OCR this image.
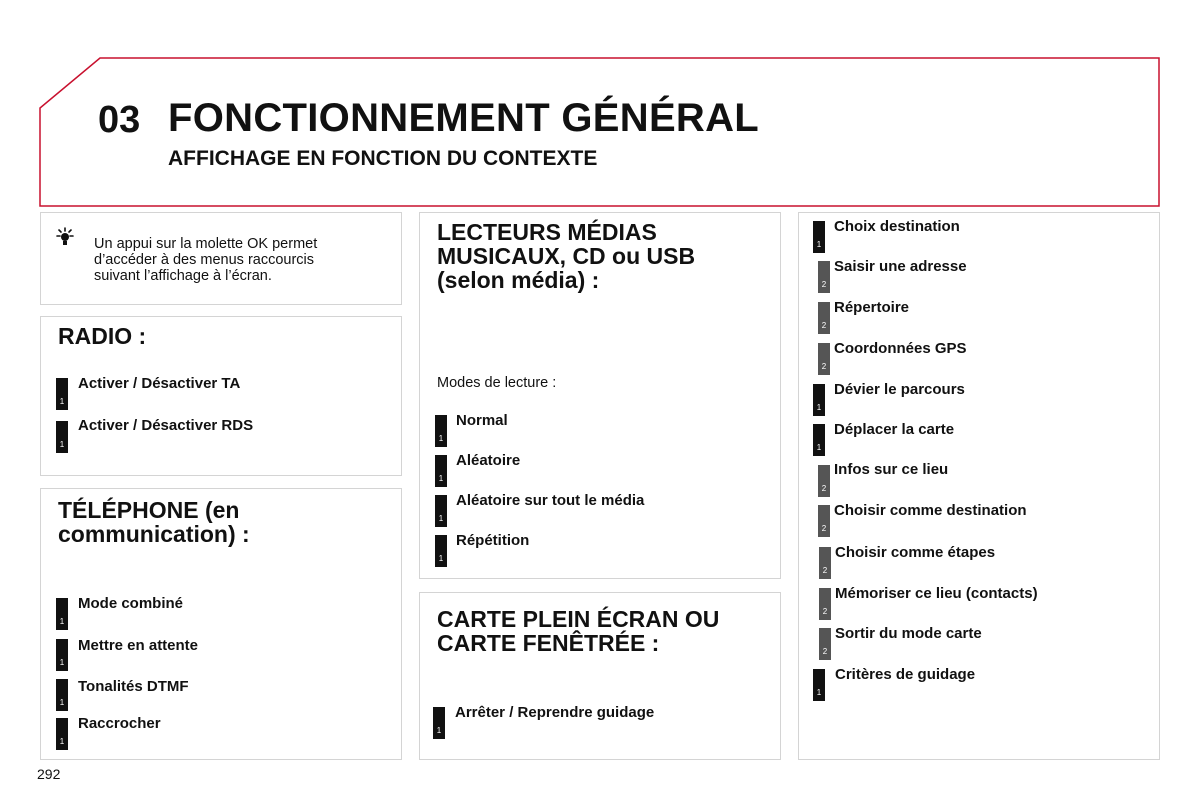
03 FONCTIONNEMENT GÉNÉRAL
AFFICHAGE EN FONCTION DU CONTEXTE
Un appui sur la molette OK permet
d’accéder à des menus raccourcis
suivant l’affichage à l’écran.
RADIO :
1
Activer / Désactiver TA
1
Activer / Désactiver RDS
TÉLÉPHONE (en
communication) :
1
Mode combiné
1
Mettre en attente
1
Tonalités DTMF
1
Raccrocher
LECTEURS MÉDIAS
MUSICAUX, CD ou USB
(selon média) :
Modes de lecture :
1
Normal
1
Aléatoire
1
Aléatoire sur tout le média
1
Répétition
CARTE PLEIN ÉCRAN OU
CARTE FENÊTRÉE :
1
Arrêter / Reprendre guidage
1
Choix destination
2
Saisir une adresse
2
Répertoire
2
Coordonnées GPS
1
Dévier le parcours
1
Déplacer la carte
2
Infos sur ce lieu
2
Choisir comme destination
2
Choisir comme étapes
2
Mémoriser ce lieu (contacts)
2
Sortir du mode carte
1
Critères de guidage
292
